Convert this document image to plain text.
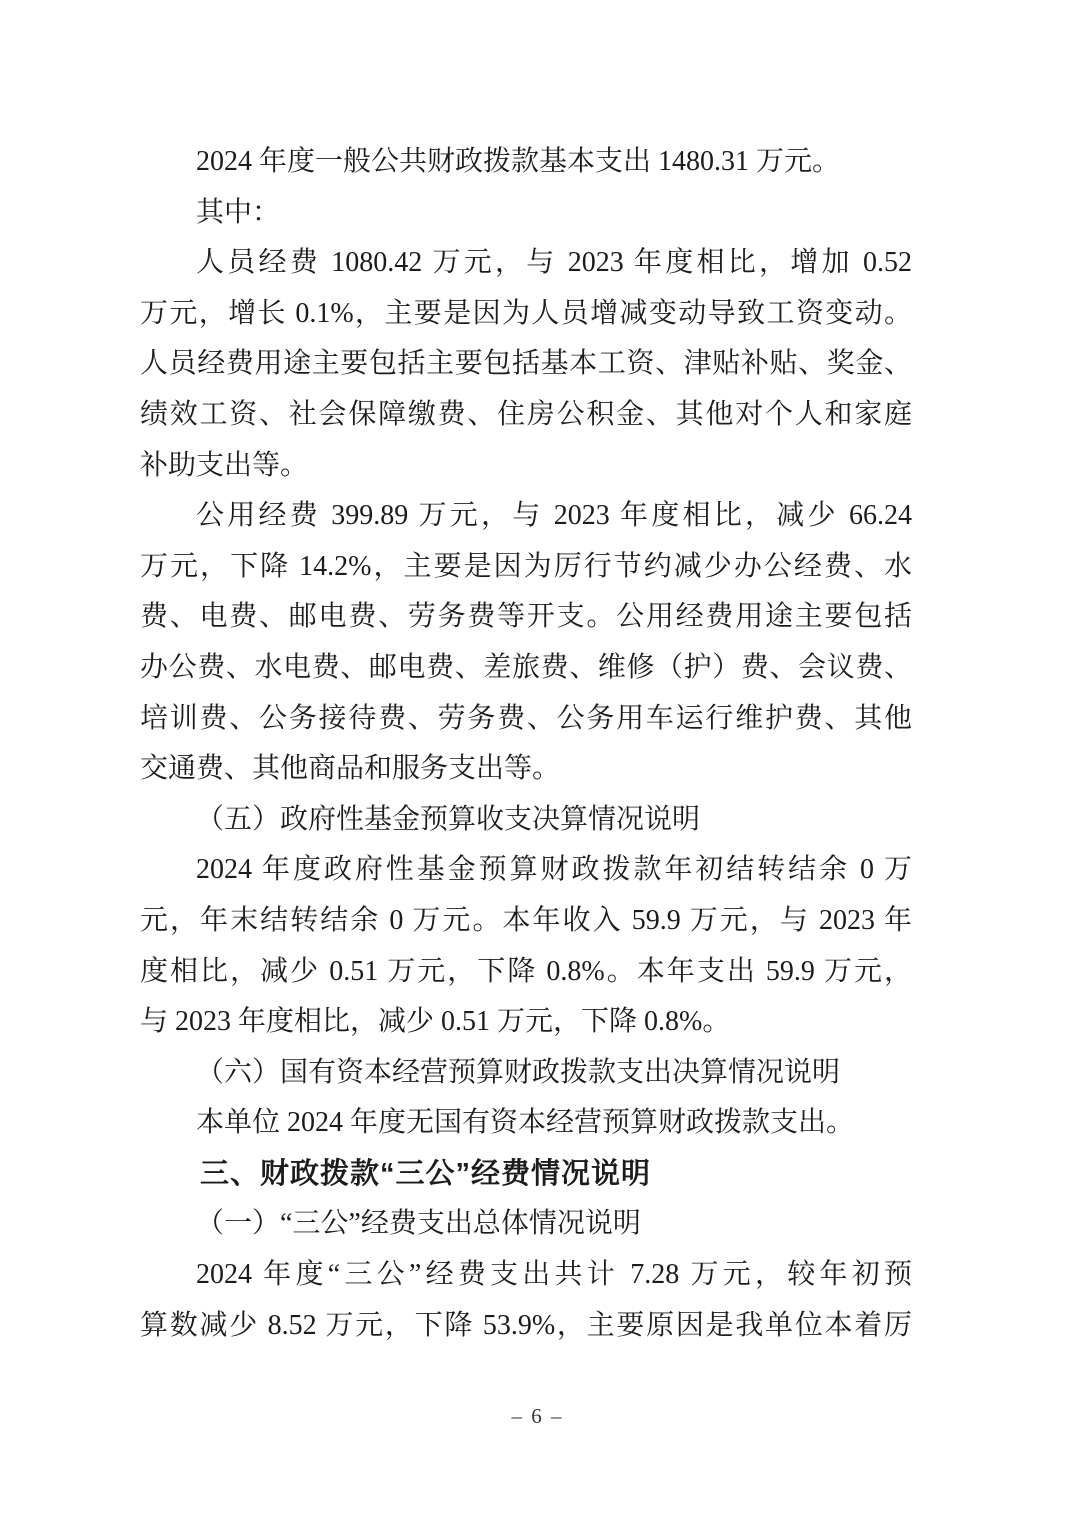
2024 年度一般公共财政拨款基本支出 1480.31 万元。

其中：

人员经费 1080.42 万元，与 2023 年度相比，增加 0.52

万元，增长 0.1%，主要是因为人员增减变动导致工资变动。

人员经费用途主要包括主要包括基本工资、津贴补贴、奖金、

绩效工资、社会保障缴费、住房公积金、其他对个人和家庭

补助支出等。

公用经费 399.89 万元，与 2023 年度相比，减少 66.24

万元，下降 14.2%，主要是因为厉行节约减少办公经费、水

费、电费、邮电费、劳务费等开支。公用经费用途主要包括

办公费、水电费、邮电费、差旅费、维修（护）费、会议费、

培训费、公务接待费、劳务费、公务用车运行维护费、其他

交通费、其他商品和服务支出等。

（五）政府性基金预算收支决算情况说明

2024 年度政府性基金预算财政拨款年初结转结余 0 万

元，年末结转结余 0 万元。本年收入 59.9 万元，与 2023 年

度相比，减少 0.51 万元，下降 0.8%。本年支出 59.9 万元，

与 2023 年度相比，减少 0.51 万元，下降 0.8%。

（六）国有资本经营预算财政拨款支出决算情况说明

本单位 2024 年度无国有资本经营预算财政拨款支出。

三、财政拨款“三公”经费情况说明

（一）“三公”经费支出总体情况说明

2024 年度“三公”经费支出共计 7.28 万元，较年初预

算数减少 8.52 万元，下降 53.9%，主要原因是我单位本着厉

– 6 –
